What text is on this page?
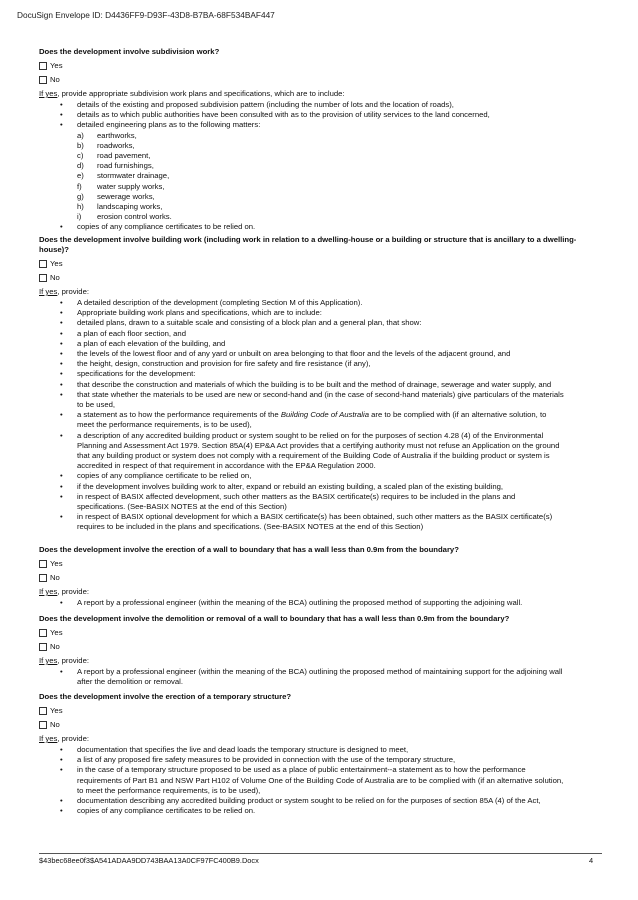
DocuSign Envelope ID: D4436FF9-D93F-43D8-B7BA-68F534BAF447

Does the development involve subdivision work?

Yes
No
If yes, provide appropriate subdivision work plans and specifications, which are to include:
• details of the existing and proposed subdivision pattern (including the number of lots and the location of roads),
• details as to which public authorities have been consulted with as to the provision of utility services to the land concerned,
• detailed engineering plans as to the following matters:
a) earthworks,
b) roadworks,
c) road pavement,
d) road furnishings,
e) stormwater drainage,
f) water supply works,
g) sewerage works,
h) landscaping works,
i) erosion control works.
• copies of any compliance certificates to be relied on.

Does the development involve building work (including work in relation to a dwelling-house or a building or structure that is ancillary to a dwelling-house)?

Yes
No
If yes, provide:
• A detailed description of the development (completing Section M of this Application).
• Appropriate building work plans and specifications, which are to include:
• detailed plans, drawn to a suitable scale and consisting of a block plan and a general plan, that show:
• a plan of each floor section, and
• a plan of each elevation of the building, and
• the levels of the lowest floor and of any yard or unbuilt on area belonging to that floor and the levels of the adjacent ground, and
• the height, design, construction and provision for fire safety and fire resistance (if any),
• specifications for the development:
• that describe the construction and materials of which the building is to be built and the method of drainage, sewerage and water supply, and
• that state whether the materials to be used are new or second-hand and (in the case of second-hand materials) give particulars of the materials to be used,
• a statement as to how the performance requirements of the Building Code of Australia are to be complied with (if an alternative solution, to meet the performance requirements, is to be used),
• a description of any accredited building product or system sought to be relied on for the purposes of section 4.28 (4) of the Environmental Planning and Assessment Act 1979. Section 85A(4) EP&A Act provides that a certifying authority must not refuse an Application on the ground that any building product or system does not comply with a requirement of the Building Code of Australia if the building product or system is accredited in respect of that requirement in accordance with the EP&A Regulation 2000.
• copies of any compliance certificate to be relied on,
• if the development involves building work to alter, expand or rebuild an existing building, a scaled plan of the existing building,
• in respect of BASIX affected development, such other matters as the BASIX certificate(s) requires to be included in the plans and specifications. (See-BASIX NOTES at the end of this Section)
• in respect of BASIX optional development for which a BASIX certificate(s) has been obtained, such other matters as the BASIX certificate(s) requires to be included in the plans and specifications. (See-BASIX NOTES at the end of this Section)

Does the development involve the erection of a wall to boundary that has a wall less than 0.9m from the boundary?

Yes
No
If yes, provide:
• A report by a professional engineer (within the meaning of the BCA) outlining the proposed method of supporting the adjoining wall.

Does the development involve the demolition or removal of a wall to boundary that has a wall less than 0.9m from the boundary?

Yes
No
If yes, provide:
• A report by a professional engineer (within the meaning of the BCA) outlining the proposed method of maintaining support for the adjoining wall after the demolition or removal.

Does the development involve the erection of a temporary structure?

Yes
No
If yes, provide:
• documentation that specifies the live and dead loads the temporary structure is designed to meet,
• a list of any proposed fire safety measures to be provided in connection with the use of the temporary structure,
• in the case of a temporary structure proposed to be used as a place of public entertainment--a statement as to how the performance requirements of Part B1 and NSW Part H102 of Volume One of the Building Code of Australia are to be complied with (if an alternative solution, to meet the performance requirements, is to be used),
• documentation describing any accredited building product or system sought to be relied on for the purposes of section 85A (4) of the Act,
• copies of any compliance certificates to be relied on.
$43bec68ee0f3$A541ADAA9DD743BAA13A0CF97FC400B9.Docx	4
